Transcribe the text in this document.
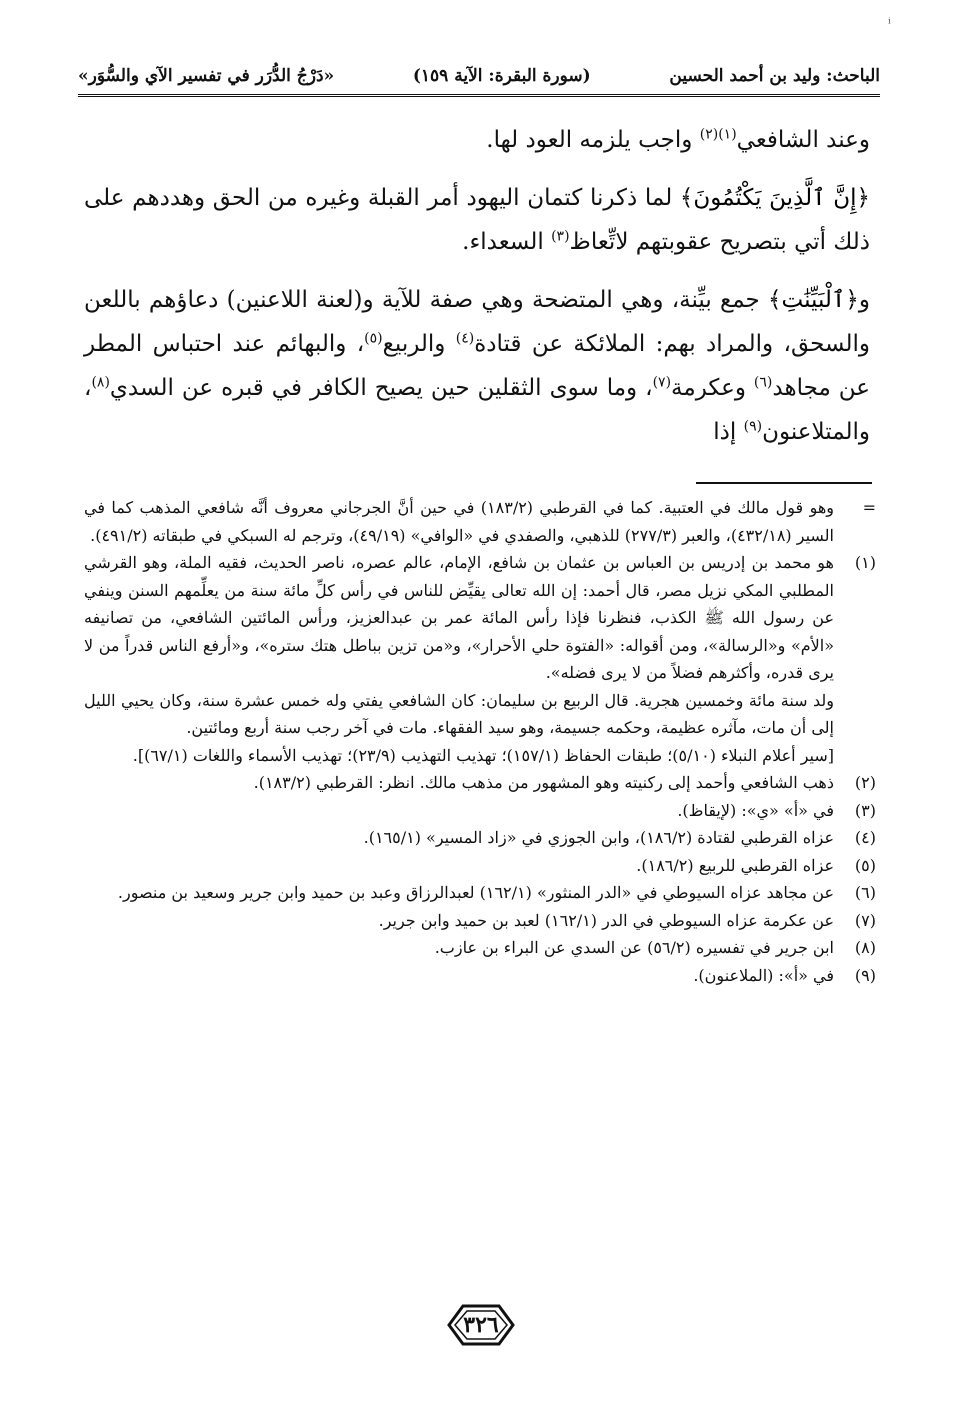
ⁱ
الباحث: وليد بن أحمد الحسين
(سورة البقرة: الآية ١٥٩)
«دَرْجُ الدُّرَر في تفسير الآي والسُّوَر»

وعند الشافعي$^{(١)(٢)}$ واجب يلزمه العود لها.

﴿إِنَّ ٱلَّذِينَ يَكْتُمُونَ﴾ لما ذكرنا كتمان اليهود أمر القبلة وغيره من الحق وهددهم على ذلك أتي بتصريح عقوبتهم لاتِّعاظ$^{(٣)}$ السعداء.

و﴿ٱلْبَيِّنَٰتِ﴾ جمع بيِّنة، وهي المتضحة وهي صفة للآية و(لعنة اللاعنين) دعاؤهم باللعن والسحق، والمراد بهم: الملائكة عن قتادة$^{(٤)}$ والربيع$^{(٥)}$، والبهائم عند احتباس المطر عن مجاهد$^{(٦)}$ وعكرمة$^{(٧)}$، وما سوى الثقلين حين يصيح الكافر في قبره عن السدي$^{(٨)}$، والمتلاعنون$^{(٩)}$ إذا

=
وهو قول مالك في العتبية. كما في القرطبي (١٨٣/٢) في حين أنَّ الجرجاني معروف أنَّه شافعي المذهب كما في السير (٤٣٢/١٨)، والعبر (٢٧٧/٣) للذهبي، والصفدي في «الوافي» (٤٩/١٩)، وترجم له السبكي في طبقاته (٤٩١/٢).
(١)
هو محمد بن إدريس بن العباس بن عثمان بن شافع، الإمام، عالم عصره، ناصر الحديث، فقيه الملة، وهو القرشي المطلبي المكي نزيل مصر، قال أحمد: إن الله تعالى يقيِّض للناس في رأس كلِّ مائة سنة من يعلِّمهم السنن وينفي عن رسول الله ﷺ الكذب، فنظرنا فإذا رأس المائة عمر بن عبدالعزيز، ورأس المائتين الشافعي، من تصانيفه «الأم» و«الرسالة»، ومن أقواله: «الفتوة حلي الأحرار»، و«من تزين بباطل هتك ستره»، و«أرفع الناس قدراً من لا يرى قدره، وأكثرهم فضلاً من لا يرى فضله».
ولد سنة مائة وخمسين هجرية. قال الربيع بن سليمان: كان الشافعي يفتي وله خمس عشرة سنة، وكان يحيي الليل إلى أن مات، مآثره عظيمة، وحكمه جسيمة، وهو سيد الفقهاء. مات في آخر رجب سنة أربع ومائتين.
[سير أعلام النبلاء (٥/١٠)؛ طبقات الحفاظ (١٥٧/١)؛ تهذيب التهذيب (٢٣/٩)؛ تهذيب الأسماء واللغات (٦٧/١)].
(٢)
ذهب الشافعي وأحمد إلى ركنيته وهو المشهور من مذهب مالك. انظر: القرطبي (١٨٣/٢).
(٣)
في «أ» «ي»: (لإيقاظ).
(٤)
عزاه القرطبي لقتادة (١٨٦/٢)، وابن الجوزي في «زاد المسير» (١٦٥/١).
(٥)
عزاه القرطبي للربيع (١٨٦/٢).
(٦)
عن مجاهد عزاه السيوطي في «الدر المنثور» (١٦٢/١) لعبدالرزاق وعبد بن حميد وابن جرير وسعيد بن منصور.
(٧)
عن عكرمة عزاه السيوطي في الدر (١٦٢/١) لعبد بن حميد وابن جرير.
(٨)
ابن جرير في تفسيره (٥٦/٢) عن السدي عن البراء بن عازب.
(٩)
في «أ»: (الملاعنون).
٣٢٦
